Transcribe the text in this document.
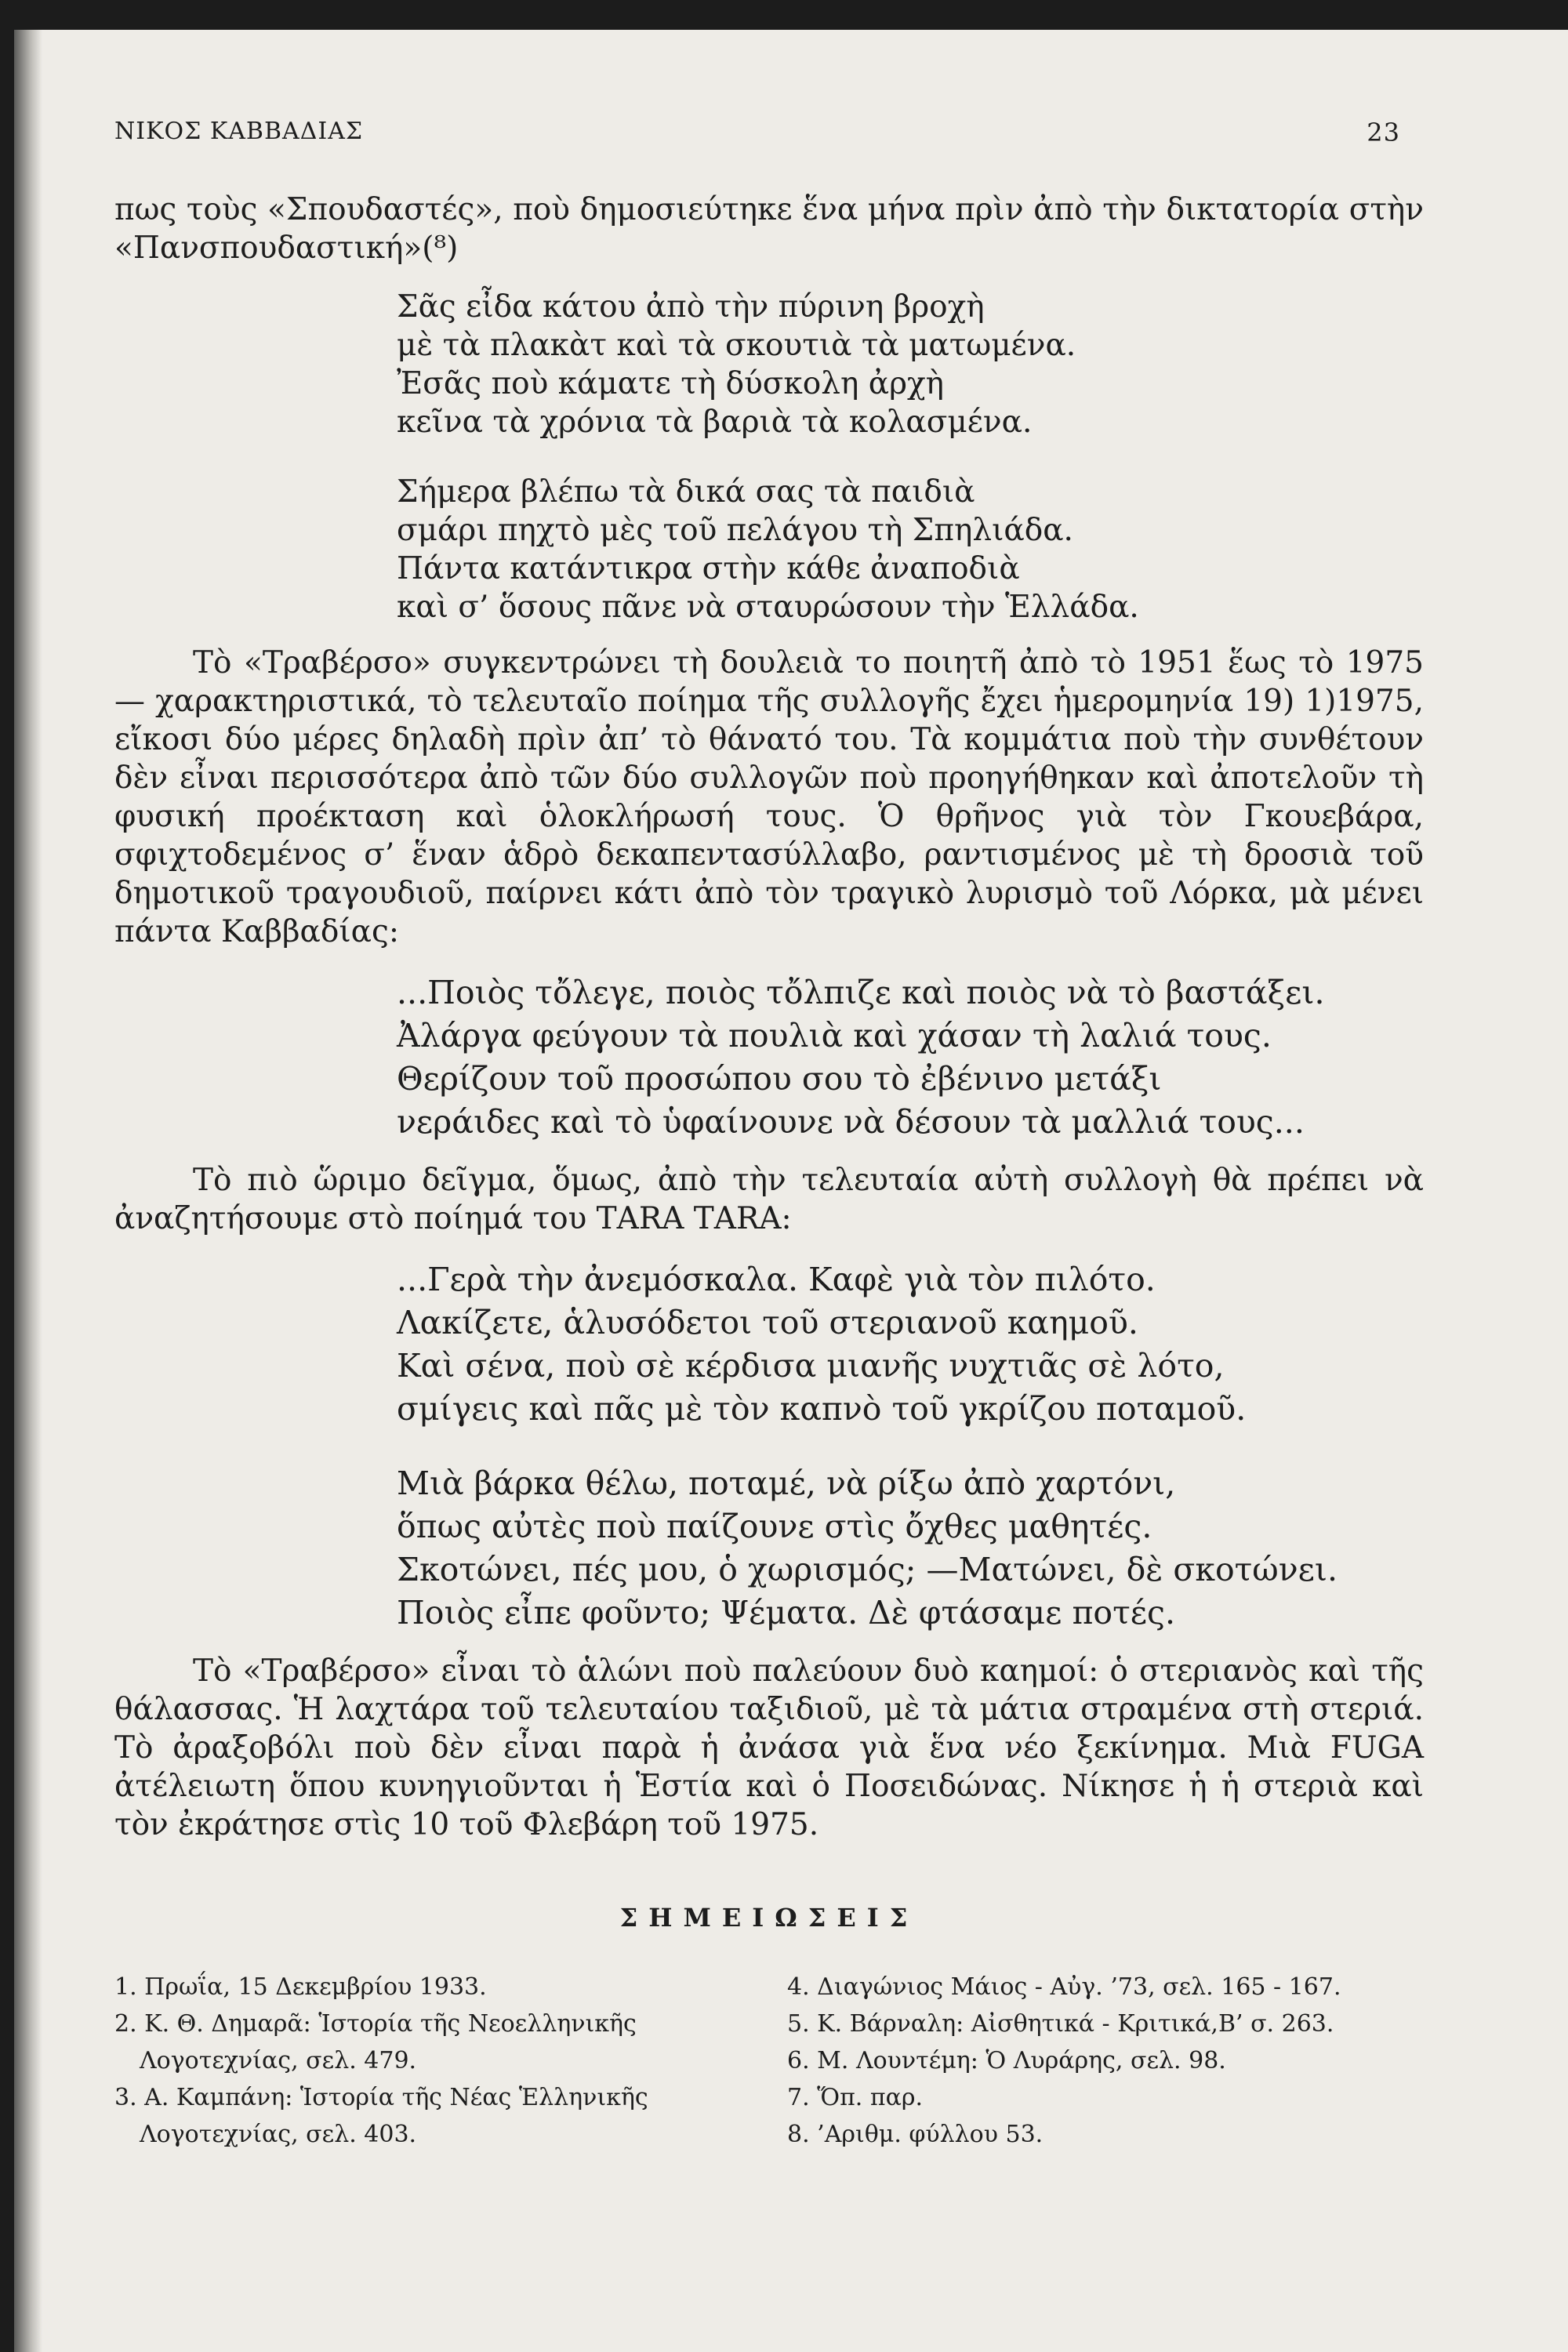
ΝΙΚΟΣ ΚΑΒΒΑΔΙΑΣ	23

πως τοὺς «Σπουδαστές», ποὺ δημοσιεύτηκε ἕνα μήνα πρὶν ἀπὸ τὴν δικτατορία στὴν «Πανσπουδαστική»(⁸)

Σᾶς εἶδα κάτου ἀπὸ τὴν πύρινη βροχὴ
μὲ τὰ πλακὰτ καὶ τὰ σκουτιὰ τὰ ματωμένα.
Ἐσᾶς ποὺ κάματε τὴ δύσκολη ἀρχὴ
κεῖνα τὰ χρόνια τὰ βαριὰ τὰ κολασμένα.
Σήμερα βλέπω τὰ δικά σας τὰ παιδιὰ
σμάρι πηχτὸ μὲς τοῦ πελάγου τὴ Σπηλιάδα.
Πάντα κατάντικρα στὴν κάθε ἀναποδιὰ
καὶ σ’ ὅσους πᾶνε νὰ σταυρώσουν τὴν Ἑλλάδα.

Τὸ «Τραβέρσο» συγκεντρώνει τὴ δουλειὰ το ποιητῆ ἀπὸ τὸ 1951 ἕως τὸ 1975 — χαρακτηριστικά, τὸ τελευταῖο ποίημα τῆς συλλογῆς ἔχει ἡμερομηνία 19) 1)1975, εἴκοσι δύο μέρες δηλαδὴ πρὶν ἀπ’ τὸ θάνατό του. Τὰ κομμάτια ποὺ τὴν συνθέτουν δὲν εἶναι περισσότερα ἀπὸ τῶν δύο συλλογῶν ποὺ προηγήθηκαν καὶ ἀποτελοῦν τὴ φυσική προέκταση καὶ ὁλοκλήρωσή τους. Ὁ θρῆνος γιὰ τὸν Γκουεβάρα, σφιχτοδεμένος σ’ ἕναν ἁδρὸ δεκαπεντασύλλαβο, ραντισμένος μὲ τὴ δροσιὰ τοῦ δημοτικοῦ τραγουδιοῦ, παίρνει κάτι ἀπὸ τὸν τραγικὸ λυρισμὸ τοῦ Λόρκα, μὰ μένει πάντα Καββαδίας:

...Ποιὸς τὄλεγε, ποιὸς τὄλπιζε καὶ ποιὸς νὰ τὸ βαστάξει.
Ἀλάργα φεύγουν τὰ πουλιὰ καὶ χάσαν τὴ λαλιά τους.
Θερίζουν τοῦ προσώπου σου τὸ ἐβένινο μετάξι
νεράιδες καὶ τὸ ὑφαίνουνε νὰ δέσουν τὰ μαλλιά τους...

Τὸ πιὸ ὥριμο δεῖγμα, ὅμως, ἀπὸ τὴν τελευταία αὐτὴ συλλογὴ θὰ πρέπει νὰ ἀναζητήσουμε στὸ ποίημά του ΤΑRΑ ΤΑRΑ:

...Γερὰ τὴν ἀνεμόσκαλα. Καφὲ γιὰ τὸν πιλότο.
Λακίζετε, ἁλυσόδετοι τοῦ στεριανοῦ καημοῦ.
Καὶ σένα, ποὺ σὲ κέρδισα μιανῆς νυχτιᾶς σὲ λότο,
σμίγεις καὶ πᾶς μὲ τὸν καπνὸ τοῦ γκρίζου ποταμοῦ.
Μιὰ βάρκα θέλω, ποταμέ, νὰ ρίξω ἀπὸ χαρτόνι,
ὅπως αὐτὲς ποὺ παίζουνε στὶς ὄχθες μαθητές.
Σκοτώνει, πές μου, ὁ χωρισμός; —Ματώνει, δὲ σκοτώνει.
Ποιὸς εἶπε φοῦντο; Ψέματα. Δὲ φτάσαμε ποτές.

Τὸ «Τραβέρσο» εἶναι τὸ ἁλώνι ποὺ παλεύουν δυὸ καημοί: ὁ στεριανὸς καὶ τῆς θάλασσας. Ἡ λαχτάρα τοῦ τελευταίου ταξιδιοῦ, μὲ τὰ μάτια στραμένα στὴ στεριά. Τὸ ἀραξοβόλι ποὺ δὲν εἶναι παρὰ ἡ ἀνάσα γιὰ ἕνα νέο ξεκίνημα. Μιὰ FUGA ἀτέλειωτη ὅπου κυνηγιοῦνται ἡ Ἑστία καὶ ὁ Ποσειδώνας. Νίκησε ἡ ἡ στεριὰ καὶ τὸν ἐκράτησε στὶς 10 τοῦ Φλεβάρη τοῦ 1975.

ΣΗΜΕΙΩΣΕΙΣ
1. Πρωΐα, 15 Δεκεμβρίου 1933.
2. Κ. Θ. Δημαρᾶ: Ἱστορία τῆς Νεοελληνικῆς
Λογοτεχνίας, σελ. 479.
3. Α. Καμπάνη: Ἱστορία τῆς Νέας Ἑλληνικῆς
Λογοτεχνίας, σελ. 403.
4. Διαγώνιος Μάιος - Αὐγ. ’73, σελ. 165 - 167.
5. Κ. Βάρναλη: Αἰσθητικά - Κριτικά,Β’ σ. 263.
6. Μ. Λουντέμη: Ὁ Λυράρης, σελ. 98.
7. Ὅπ. παρ.
8. ’Αριθμ. φύλλου 53.
